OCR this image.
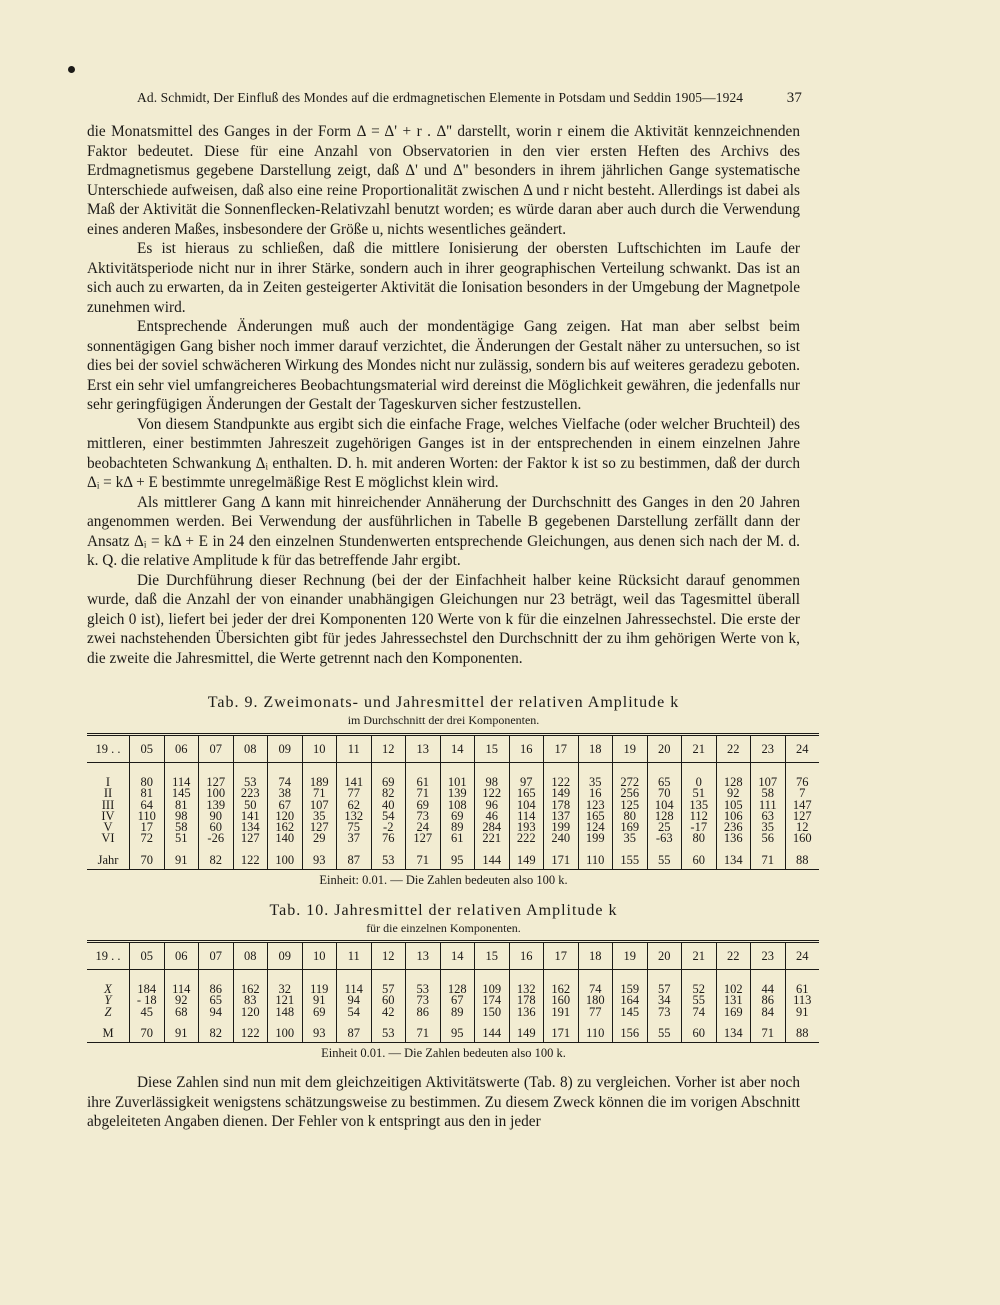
Ad. Schmidt, Der Einfluß des Mondes auf die erdmagnetischen Elemente in Potsdam und Seddin 1905—1924	37

die Monatsmittel des Ganges in der Form Δ = Δ' + r . Δ'' darstellt, worin r einem die Aktivität kennzeichnenden Faktor bedeutet. Diese für eine Anzahl von Observatorien in den vier ersten Heften des Archivs des Erdmagnetismus gegebene Darstellung zeigt, daß Δ' und Δ'' besonders in ihrem jährlichen Gange systematische Unterschiede aufweisen, daß also eine reine Proportionalität zwischen Δ und r nicht besteht. Allerdings ist dabei als Maß der Aktivität die Sonnenflecken-Relativzahl benutzt worden; es würde daran aber auch durch die Verwendung eines anderen Maßes, insbesondere der Größe u, nichts wesentliches geändert.

Es ist hieraus zu schließen, daß die mittlere Ionisierung der obersten Luftschichten im Laufe der Aktivitätsperiode nicht nur in ihrer Stärke, sondern auch in ihrer geographischen Verteilung schwankt. Das ist an sich auch zu erwarten, da in Zeiten gesteigerter Aktivität die Ionisation besonders in der Umgebung der Magnetpole zunehmen wird.

Entsprechende Änderungen muß auch der mondentägige Gang zeigen. Hat man aber selbst beim sonnentägigen Gang bisher noch immer darauf verzichtet, die Änderungen der Gestalt näher zu untersuchen, so ist dies bei der soviel schwächeren Wirkung des Mondes nicht nur zulässig, sondern bis auf weiteres geradezu geboten. Erst ein sehr viel umfangreicheres Beobachtungsmaterial wird dereinst die Möglichkeit gewähren, die jedenfalls nur sehr geringfügigen Änderungen der Gestalt der Tageskurven sicher festzustellen.

Von diesem Standpunkte aus ergibt sich die einfache Frage, welches Vielfache (oder welcher Bruchteil) des mittleren, einer bestimmten Jahreszeit zugehörigen Ganges ist in der entsprechenden in einem einzelnen Jahre beobachteten Schwankung Δᵢ enthalten. D. h. mit anderen Worten: der Faktor k ist so zu bestimmen, daß der durch Δᵢ = kΔ + E bestimmte unregelmäßige Rest E möglichst klein wird.

Als mittlerer Gang Δ kann mit hinreichender Annäherung der Durchschnitt des Ganges in den 20 Jahren angenommen werden. Bei Verwendung der ausführlichen in Tabelle B gegebenen Darstellung zerfällt dann der Ansatz Δᵢ = kΔ + E in 24 den einzelnen Stundenwerten entsprechende Gleichungen, aus denen sich nach der M. d. k. Q. die relative Amplitude k für das betreffende Jahr ergibt.

Die Durchführung dieser Rechnung (bei der der Einfachheit halber keine Rücksicht darauf genommen wurde, daß die Anzahl der von einander unabhängigen Gleichungen nur 23 beträgt, weil das Tagesmittel überall gleich 0 ist), liefert bei jeder der drei Komponenten 120 Werte von k für die einzelnen Jahressechstel. Die erste der zwei nachstehenden Übersichten gibt für jedes Jahressechstel den Durchschnitt der zu ihm gehörigen Werte von k, die zweite die Jahresmittel, die Werte getrennt nach den Komponenten.

Tab. 9. Zweimonats- und Jahresmittel der relativen Amplitude k
im Durchschnitt der drei Komponenten.
19 . .	05	06	07	08	09	10	11	12	13	14	15	16	17	18	19	20	21	22	23	24
I	80	114	127	53	74	189	141	69	61	101	98	97	122	35	272	65	0	128	107	76
II	81	145	100	223	38	71	77	82	71	139	122	165	149	16	256	70	51	92	58	7
III	64	81	139	50	67	107	62	40	69	108	96	104	178	123	125	104	135	105	111	147
IV	110	98	90	141	120	35	132	54	73	69	46	114	137	165	80	128	112	106	63	127
V	17	58	60	134	162	127	75	-2	24	89	284	193	199	124	169	25	-17	236	35	12
VI	72	51	-26	127	140	29	37	76	127	61	221	222	240	199	35	-63	80	136	56	160
Jahr	70	91	82	122	100	93	87	53	71	95	144	149	171	110	155	55	60	134	71	88
Einheit: 0.01. — Die Zahlen bedeuten also 100 k.
Tab. 10. Jahresmittel der relativen Amplitude k
für die einzelnen Komponenten.
19 . .	05	06	07	08	09	10	11	12	13	14	15	16	17	18	19	20	21	22	23	24
X	184	114	86	162	32	119	114	57	53	128	109	132	162	74	159	57	52	102	44	61
Y	- 18	92	65	83	121	91	94	60	73	67	174	178	160	180	164	34	55	131	86	113
Z	45	68	94	120	148	69	54	42	86	89	150	136	191	77	145	73	74	169	84	91
M	70	91	82	122	100	93	87	53	71	95	144	149	171	110	156	55	60	134	71	88
Einheit 0.01. — Die Zahlen bedeuten also 100 k.

Diese Zahlen sind nun mit dem gleichzeitigen Aktivitätswerte (Tab. 8) zu vergleichen. Vorher ist aber noch ihre Zuverlässigkeit wenigstens schätzungsweise zu bestimmen. Zu diesem Zweck können die im vorigen Abschnitt abgeleiteten Angaben dienen. Der Fehler von k entspringt aus den in jeder
